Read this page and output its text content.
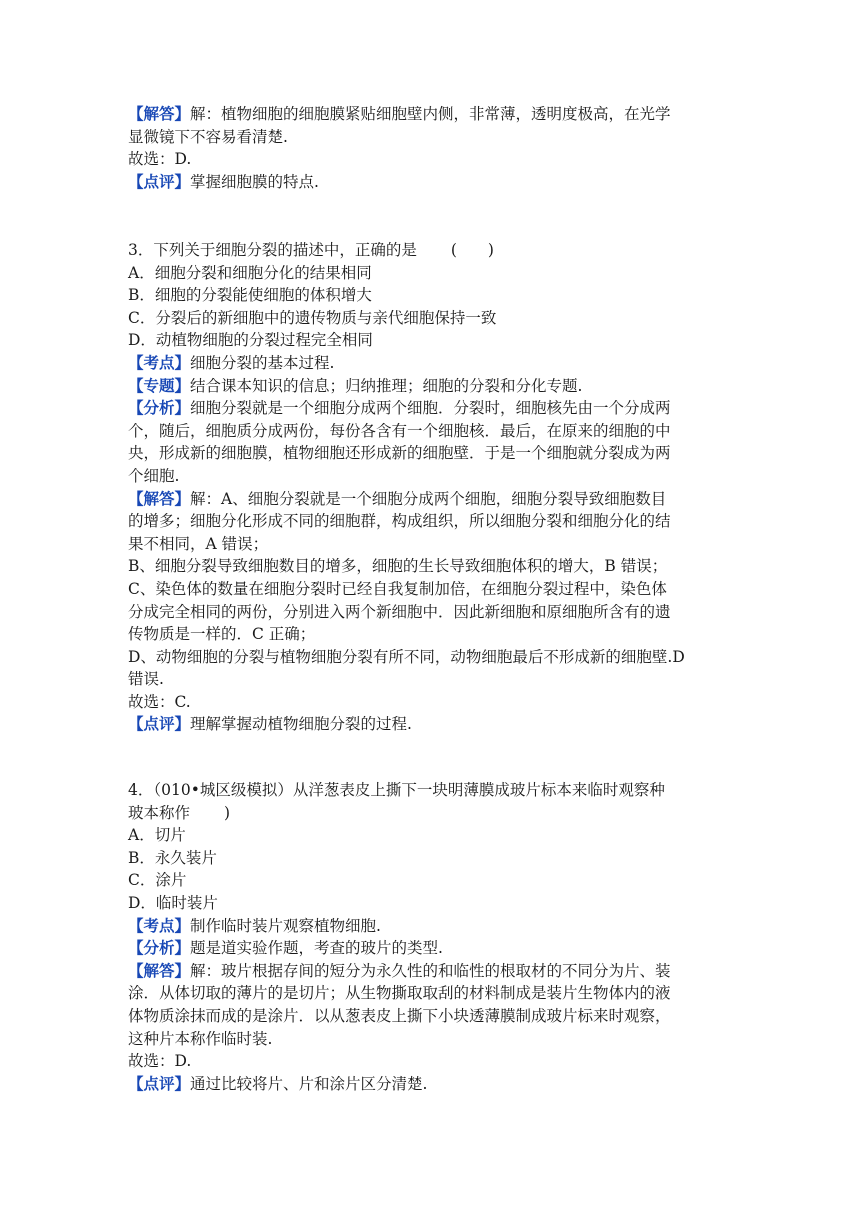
【解答】解：植物细胞的细胞膜紧贴细胞壁内侧，非常薄，透明度极高，在光学
显微镜下不容易看清楚.
故选：D.
【点评】掌握细胞膜的特点.
3．下列关于细胞分裂的描述中，正确的是 (　　)
A．细胞分裂和细胞分化的结果相同
B．细胞的分裂能使细胞的体积增大
C．分裂后的新细胞中的遗传物质与亲代细胞保持一致
D．动植物细胞的分裂过程完全相同
【考点】细胞分裂的基本过程.
【专题】结合课本知识的信息；归纳推理；细胞的分裂和分化专题.
【分析】细胞分裂就是一个细胞分成两个细胞．分裂时，细胞核先由一个分成两
个，随后，细胞质分成两份，每份各含有一个细胞核．最后，在原来的细胞的中
央，形成新的细胞膜，植物细胞还形成新的细胞壁．于是一个细胞就分裂成为两
个细胞.
【解答】解：A、细胞分裂就是一个细胞分成两个细胞，细胞分裂导致细胞数目
的增多；细胞分化形成不同的细胞群，构成组织，所以细胞分裂和细胞分化的结
果不相同，A 错误；
B、细胞分裂导致细胞数目的增多，细胞的生长导致细胞体积的增大，B 错误；
C、染色体的数量在细胞分裂时已经自我复制加倍，在细胞分裂过程中，染色体
分成完全相同的两份，分别进入两个新细胞中．因此新细胞和原细胞所含有的遗
传物质是一样的．C 正确；
D、动物细胞的分裂与植物细胞分裂有所不同，动物细胞最后不形成新的细胞壁.D
错误.
故选：C.
【点评】理解掌握动植物细胞分裂的过程.
4．（010•城区级模拟）从洋葱表皮上撕下一块明薄膜成玻片标本来临时观察种
玻本称作 )
A．切片
B．永久装片
C．涂片
D．临时装片
【考点】制作临时装片观察植物细胞.
【分析】题是道实验作题，考查的玻片的类型.
【解答】解：玻片根据存间的短分为永久性的和临性的根取材的不同分为片、装
涂．从体切取的薄片的是切片；从生物撕取取刮的材料制成是装片生物体内的液
体物质涂抹而成的是涂片．以从葱表皮上撕下小块透薄膜制成玻片标来时观察，
这种片本称作临时装.
故选：D.
【点评】通过比较将片、片和涂片区分清楚.
